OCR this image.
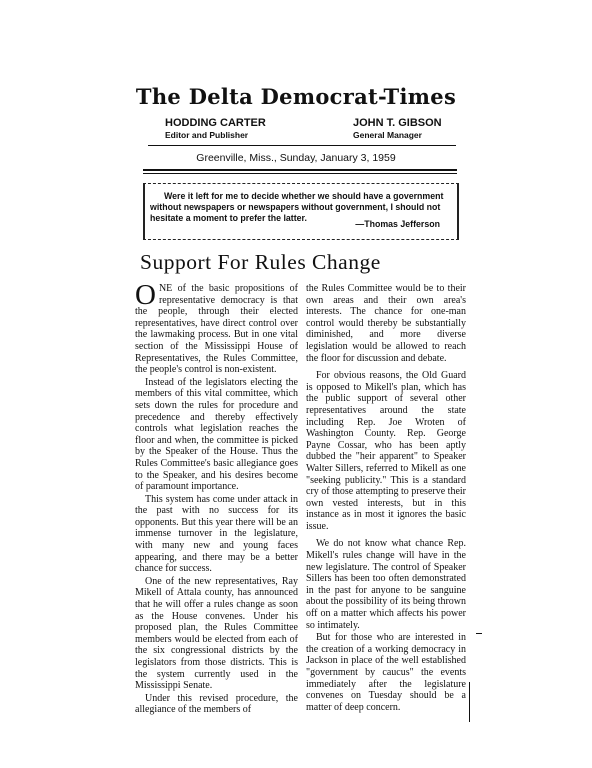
The Delta Democrat-Times
HODDING CARTER
Editor and Publisher
JOHN T. GIBSON
General Manager
Greenville, Miss., Sunday, January 3, 1959
Were it left for me to decide whether we should have a government without newspapers or newspapers without government, I should not hesitate a moment to prefer the latter.
—Thomas Jefferson
Support For Rules Change

ONE of the basic propositions of representative democracy is that the people, through their elected representatives, have direct control over the lawmaking process. But in one vital section of the Mississippi House of Representatives, the Rules Committee, the people's control is non-existent.

Instead of the legislators electing the members of this vital committee, which sets down the rules for procedure and precedence and thereby effectively controls what legislation reaches the floor and when, the committee is picked by the Speaker of the House. Thus the Rules Committee's basic allegiance goes to the Speaker, and his desires become of paramount importance.

This system has come under attack in the past with no success for its opponents. But this year there will be an immense turnover in the legislature, with many new and young faces appearing, and there may be a better chance for success.

One of the new representatives, Ray Mikell of Attala county, has announced that he will offer a rules change as soon as the House convenes. Under his proposed plan, the Rules Committee members would be elected from each of the six congressional districts by the legislators from those districts. This is the system currently used in the Mississippi Senate.

Under this revised procedure, the allegiance of the members of

the Rules Committee would be to their own areas and their own area's interests. The chance for one-man control would thereby be substantially diminished, and more diverse legislation would be allowed to reach the floor for discussion and debate.

For obvious reasons, the Old Guard is opposed to Mikell's plan, which has the public support of several other representatives around the state including Rep. Joe Wroten of Washington County. Rep. George Payne Cossar, who has been aptly dubbed the "heir apparent" to Speaker Walter Sillers, referred to Mikell as one "seeking publicity." This is a standard cry of those attempting to preserve their own vested interests, but in this instance as in most it ignores the basic issue.

We do not know what chance Rep. Mikell's rules change will have in the new legislature. The control of Speaker Sillers has been too often demonstrated in the past for anyone to be sanguine about the possibility of its being thrown off on a matter which affects his power so intimately.

But for those who are interested in the creation of a working democracy in Jackson in place of the well established "government by caucus" the events immediately after the legislature convenes on Tuesday should be a matter of deep concern.
